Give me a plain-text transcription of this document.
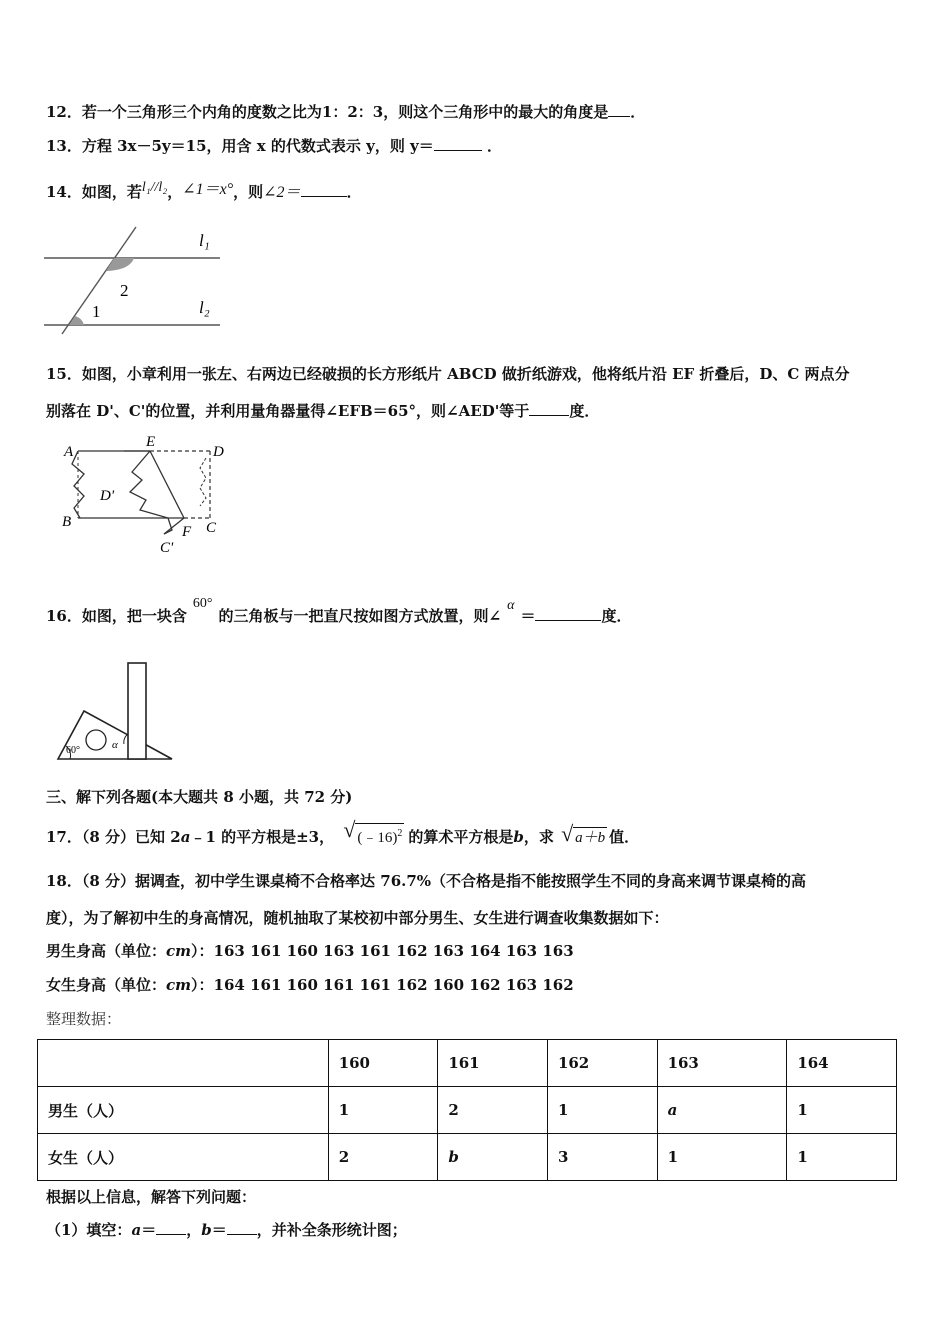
12．若一个三角形三个内角的度数之比为1：2：3，则这个三角形中的最大的角度是 ．
13．方程 3x－5y＝15，用含 x 的代数式表示 y，则 y＝	．
14．如图，若l₁//l₂，∠1＝x°，则∠2＝	．
l₁
l₂
1
2
15．如图，小章利用一张左、右两边已经破损的长方形纸片 ABCD 做折纸游戏，他将纸片沿 EF 折叠后，D、C 两点分
别落在 D'、C'的位置，并利用量角器量得∠EFB＝65°，则∠AED'等于	度．
A
E
D
D'
B
F C
C'
16．如图，把一块含60°的三角板与一把直尺按如图方式放置，则∠α＝	度．
60°	α
三、解下列各题(本大题共 8 小题，共 72 分)
17．（8 分）已知 2a﹣1 的平方根是±3， √ (﹣16)$^2$ 的算术平方根是b，求 √ a＋b 值．
18．（8 分）据调查，初中学生课桌椅不合格率达 76.7%（不合格是指不能按照学生不同的身高来调节课桌椅的高
度），为了解初中生的身高情况，随机抽取了某校初中部分男生、女生进行调查收集数据如下：
男生身高（单位：cm）：163 161 160 163 161 162 163 164 163 163
女生身高（单位：cm）：164 161 160 161 161 162 160 162 163 162
整理数据：
	160	161	162	163	164
男生（人）	1	2	1	a	1
女生（人）	2	b	3	1	1
根据以上信息，解答下列问题：
（1）填空：a＝ ，b＝ ，并补全条形统计图；
